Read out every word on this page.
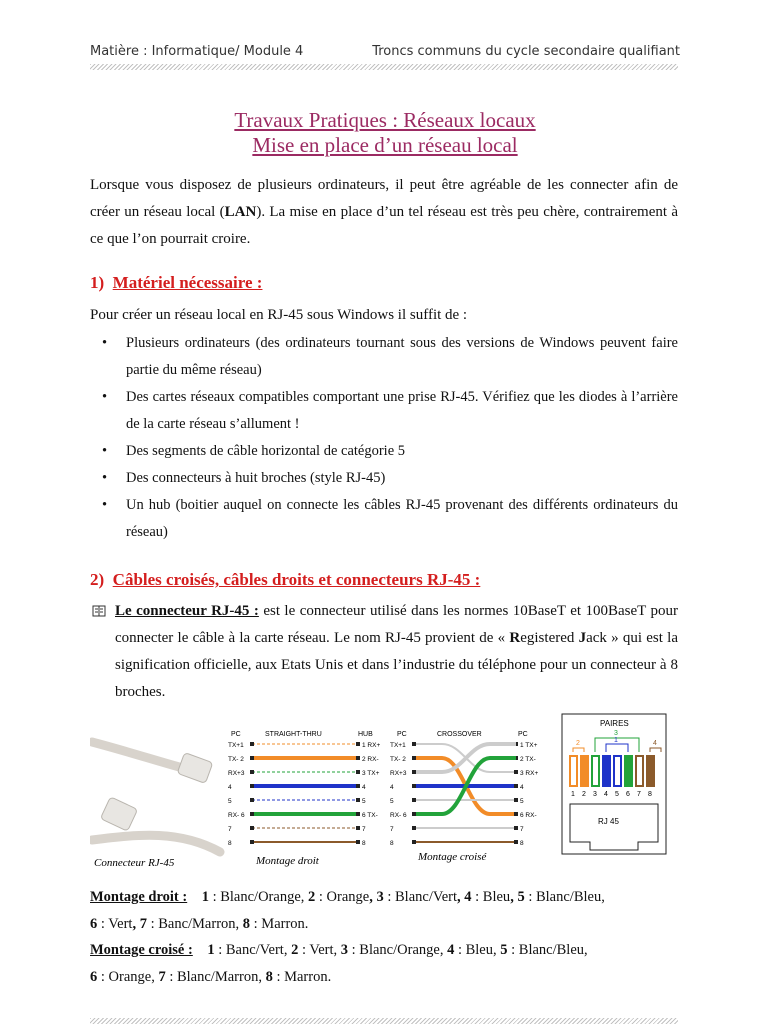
Matière : Informatique/ Module 4	Troncs communs du cycle secondaire qualifiant
Travaux Pratiques : Réseaux locaux
Mise en place d’un réseau local
Lorsque vous disposez de plusieurs ordinateurs, il peut être agréable de les connecter afin de créer un réseau local (LAN). La mise en place d’un tel réseau est très peu chère, contrairement à ce que l’on pourrait croire.
1) Matériel nécessaire :
Pour créer un réseau local en RJ-45 sous Windows il suffit de :
• Plusieurs ordinateurs (des ordinateurs tournant sous des versions de Windows peuvent faire partie du même réseau)
• Des cartes réseaux compatibles comportant une prise RJ-45. Vérifiez que les diodes à l’arrière de la carte réseau s’allument !
• Des segments de câble horizontal de catégorie 5
• Des connecteurs à huit broches (style RJ-45)
• Un hub (boitier auquel on connecte les câbles RJ-45 provenant des différents ordinateurs du réseau)
2) Câbles croisés, câbles droits et connecteurs RJ-45 :
Le connecteur RJ-45 : est le connecteur utilisé dans les normes 10BaseT et 100BaseT pour connecter le câble à la carte réseau. Le nom RJ-45 provient de « Registered Jack » qui est la signification officielle, aux Etats Unis et dans l’industrie du téléphone pour un connecteur à 8 broches.
Connecteur RJ-45
PC	STRAIGHT-THRU	HUB
TX+1	1 RX+
TX- 2	2 RX-
RX+3	3 TX+
4	4
5	5
RX- 6	6 TX-
7	7
8	8
Montage droit
PC	CROSSOVER	PC
TX+1	1 TX+
TX- 2	2 TX-
RX+3	3 RX+
4	4
5	5
RX- 6	6 RX-
7	7
8	8
Montage croisé
PAIRES
1 2 3 4 5 6 7 8
2
3
1	4
RJ 45
Montage droit : 1 : Blanc/Orange, 2 : Orange, 3 : Blanc/Vert, 4 : Bleu, 5 : Blanc/Bleu,
6 : Vert, 7 : Banc/Marron, 8 : Marron.
Montage croisé : 1 : Banc/Vert, 2 : Vert, 3 : Blanc/Orange, 4 : Bleu, 5 : Blanc/Bleu,
6 : Orange, 7 : Blanc/Marron, 8 : Marron.
